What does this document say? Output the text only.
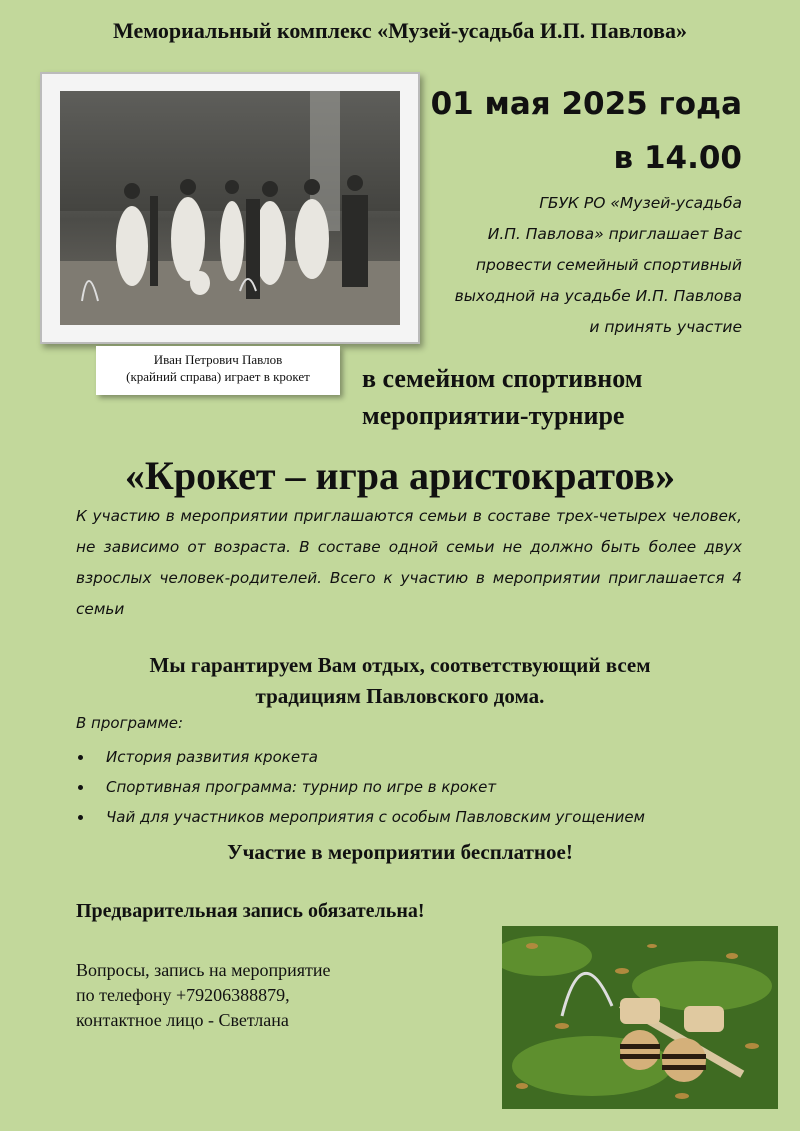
Мемориальный комплекс «Музей-усадьба И.П. Павлова»
Иван Петрович Павлов
(крайний справа) играет в крокет
01 мая 2025 года
в 14.00
ГБУК РО «Музей-усадьба
И.П. Павлова» приглашает Вас
провести семейный спортивный
выходной на усадьбе И.П. Павлова
и принять участие
в семейном спортивном
мероприятии-турнире
«Крокет – игра аристократов»
К участию в мероприятии приглашаются семьи в составе трех-четырех человек, не зависимо от возраста. В составе одной семьи не должно быть более двух взрослых человек-родителей. Всего к участию в мероприятии приглашается 4 семьи
Мы гарантируем Вам отдых, соответствующий всем
традициям Павловского дома.
В программе:
История развития крокета
Спортивная программа: турнир по игре в крокет
Чай для участников мероприятия с особым Павловским угощением
Участие в мероприятии бесплатное!
Предварительная запись обязательна!
Вопросы, запись на мероприятие
по телефону +79206388879,
контактное лицо - Светлана
